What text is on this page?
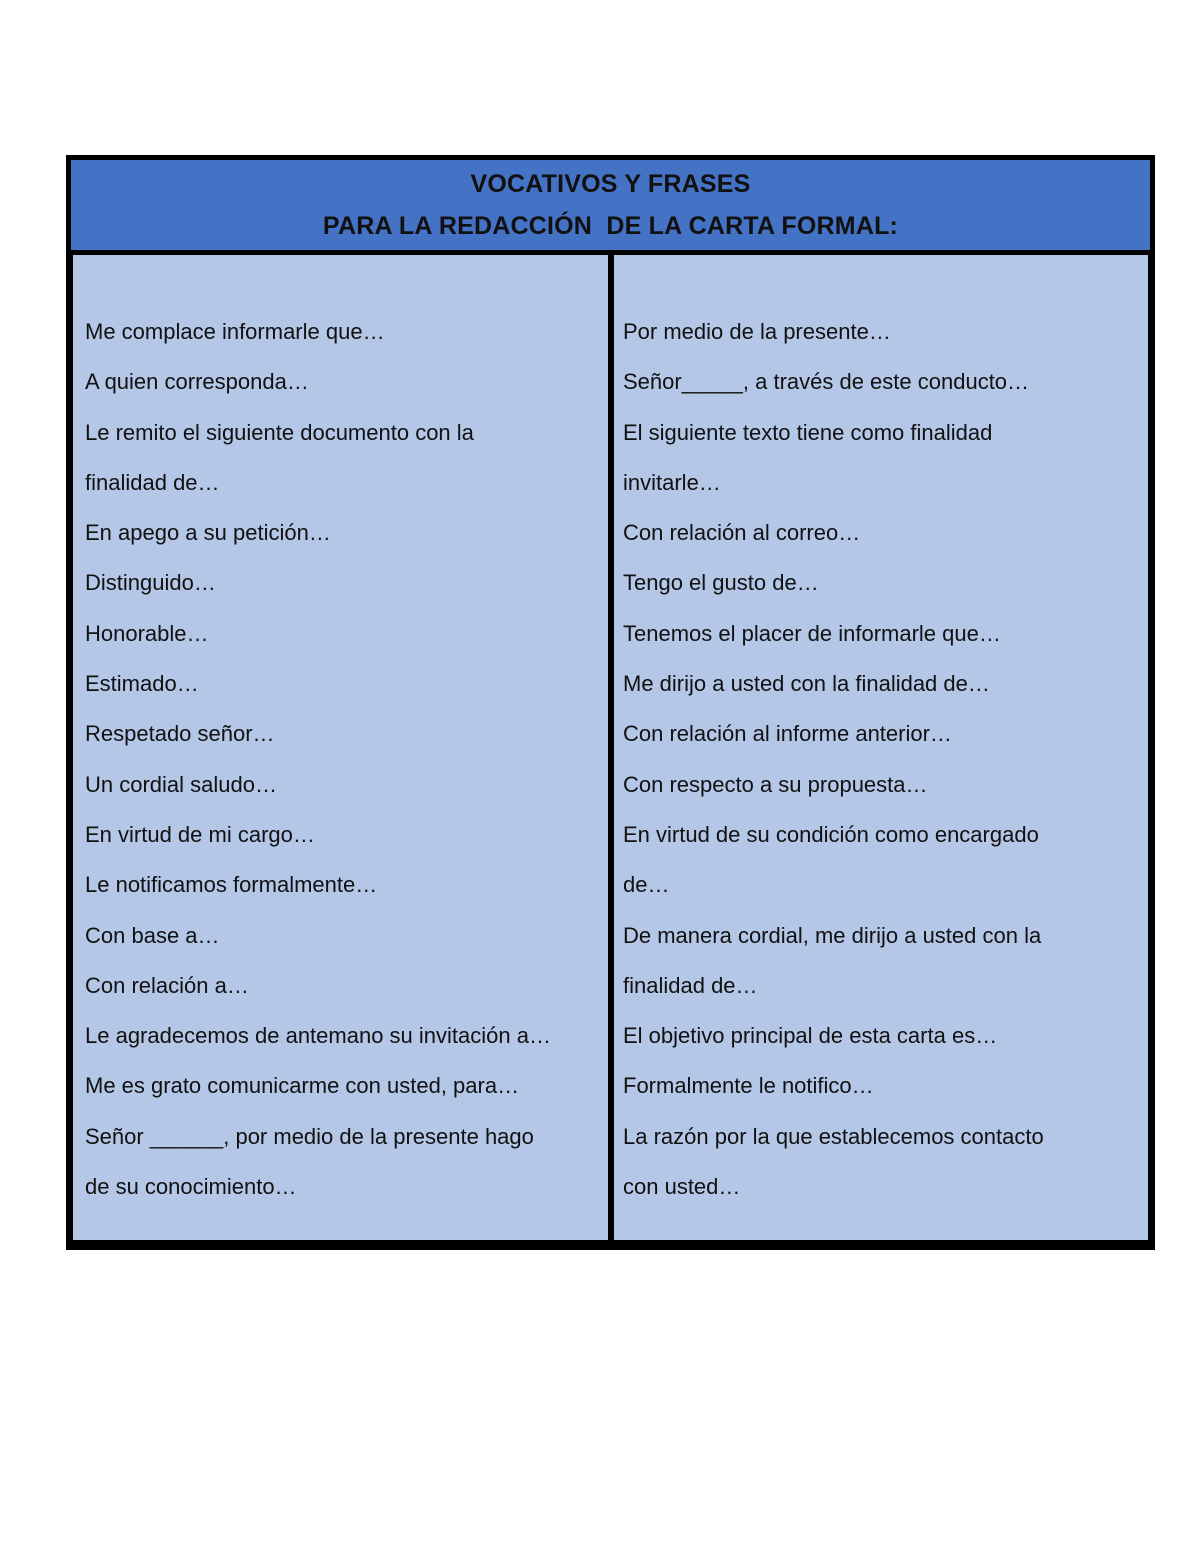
VOCATIVOS Y FRASES
PARA LA REDACCIÓN  DE LA CARTA FORMAL:
Me complace informarle que…
A quien corresponda…
Le remito el siguiente documento con la
finalidad de…
En apego a su petición…
Distinguido…
Honorable…
Estimado…
Respetado señor…
Un cordial saludo…
En virtud de mi cargo…
Le notificamos formalmente…
Con base a…
Con relación a…
Le agradecemos de antemano su invitación a…
Me es grato comunicarme con usted, para…
Señor ______, por medio de la presente hago
de su conocimiento…
Por medio de la presente…
Señor_____, a través de este conducto…
El siguiente texto tiene como finalidad
invitarle…
Con relación al correo…
Tengo el gusto de…
Tenemos el placer de informarle que…
Me dirijo a usted con la finalidad de…
Con relación al informe anterior…
Con respecto a su propuesta…
En virtud de su condición como encargado
de…
De manera cordial, me dirijo a usted con la
finalidad de…
El objetivo principal de esta carta es…
Formalmente le notifico…
La razón por la que establecemos contacto
con usted…
